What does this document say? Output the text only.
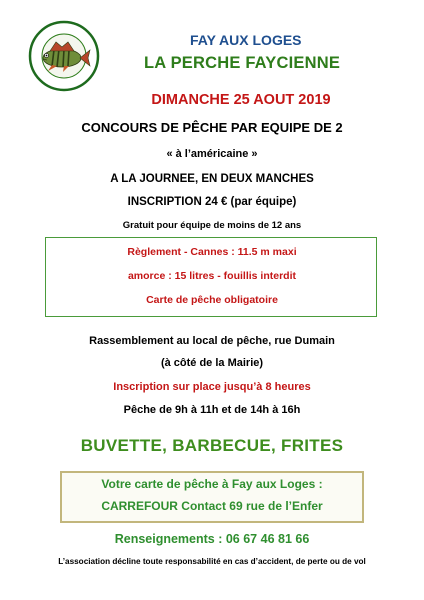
FAY AUX LOGES
LA PERCHE FAYCIENNE
DIMANCHE 25 AOUT 2019
CONCOURS DE PÊCHE PAR EQUIPE DE 2
« à l’américaine »
A LA JOURNEE, EN DEUX MANCHES
INSCRIPTION 24 € (par équipe)
Gratuit pour équipe de moins de 12 ans
Règlement - Cannes : 11.5 m maxi
amorce : 15 litres - fouillis interdit
Carte de pêche obligatoire
Rassemblement au local de pêche, rue Dumain
(à côté de la Mairie)
Inscription sur place jusqu’à 8 heures
Pêche de 9h à 11h et de 14h à 16h
BUVETTE, BARBECUE, FRITES
Votre carte de pêche à Fay aux Loges :
CARREFOUR Contact 69 rue de l’Enfer
Renseignements : 06 67 46 81 66
L’association décline toute responsabilité en cas d’accident, de perte ou de vol
